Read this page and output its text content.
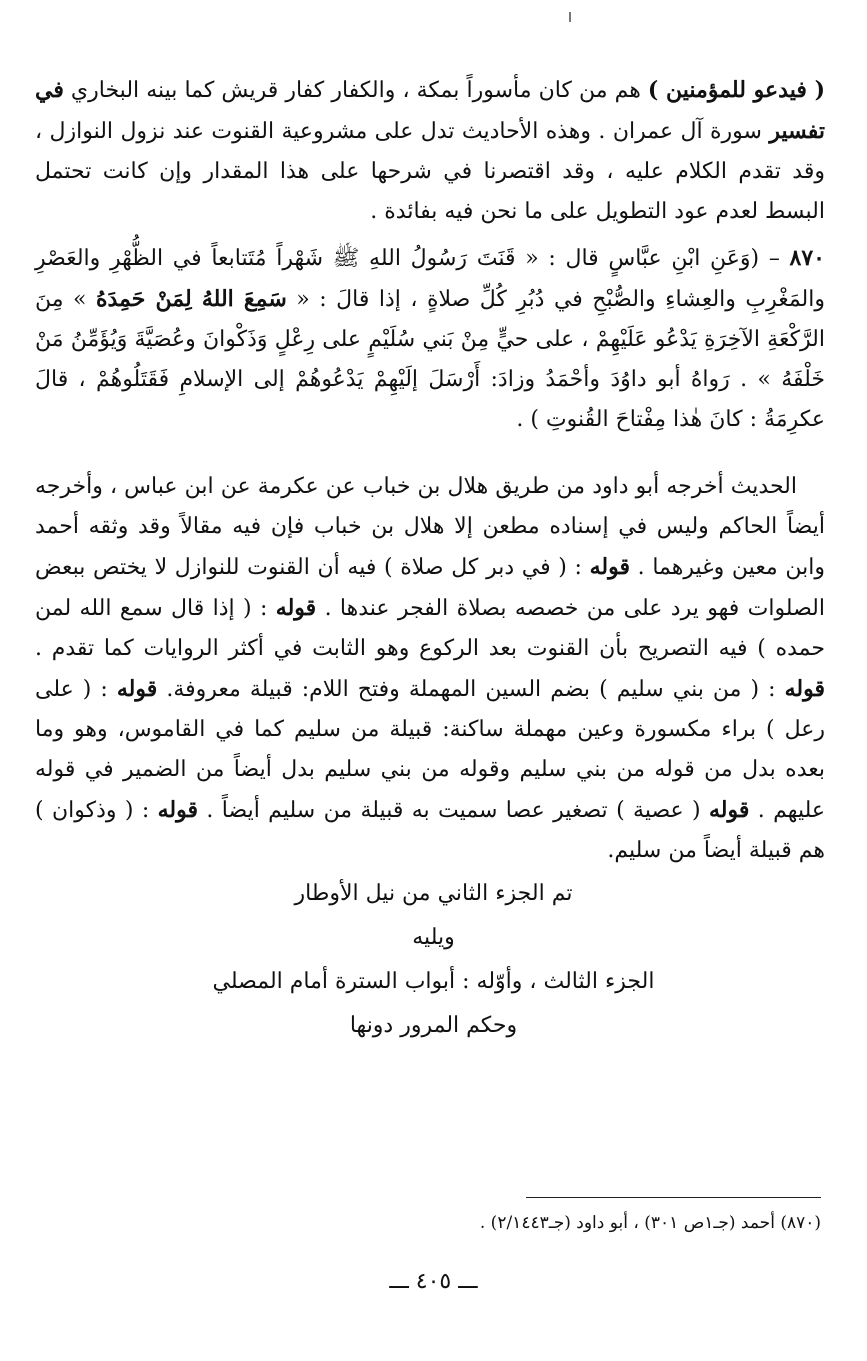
( فيدعو للمؤمنين ) هم من كان مأسوراً بمكة ، والكفار كفار قريش كما بينه البخاري في تفسير سورة آل عمران . وهذه الأحاديث تدل على مشروعية القنوت عند نزول النوازل ، وقد تقدم الكلام عليه ، وقد اقتصرنا في شرحها على هذا المقدار وإن كانت تحتمل البسط لعدم عود التطويل على ما نحن فيه بفائدة .

٨٧٠ – (وَعَنِ ابْنِ عبَّاسٍ قال : « قَنَتَ رَسُولُ اللهِ ﷺ شَهْراً مُتَتابعاً في الظُّهْرِ والعَصْرِ والمَغْرِبِ والعِشاءِ والصُّبْحِ في دُبُرِ كُلِّ صلاةٍ ، إذا قالَ : « سَمِعَ اللهُ لِمَنْ حَمِدَهُ » مِنَ الرَّكْعَةِ الآخِرَةِ يَدْعُو عَلَيْهِمْ ، على حيٍّ مِنْ بَني سُلَيْمٍ على رِعْلٍ وَذَكْوانَ وعُصَيَّةَ وَيُؤَمِّنُ مَنْ خَلْفَهُ » . رَواهُ أبو داوُدَ وأحْمَدُ وزادَ: أَرْسَلَ إلَيْهِمْ يَدْعُوهُمْ إلى الإسلامِ فَقَتَلُوهُمْ ، قالَ عكرِمَةُ : كانَ هٰذا مِفْتاحَ القُنوتِ ) .

الحديث أخرجه أبو داود من طريق هلال بن خباب عن عكرمة عن ابن عباس ، وأخرجه أيضاً الحاكم وليس في إسناده مطعن إلا هلال بن خباب فإن فيه مقالاً وقد وثقه أحمد وابن معين وغيرهما . قوله : ( في دبر كل صلاة ) فيه أن القنوت للنوازل لا يختص ببعض الصلوات فهو يرد على من خصصه بصلاة الفجر عندها . قوله : ( إذا قال سمع الله لمن حمده ) فيه التصريح بأن القنوت بعد الركوع وهو الثابت في أكثر الروايات كما تقدم . قوله : ( من بني سليم ) بضم السين المهملة وفتح اللام: قبيلة معروفة. قوله : ( على رعل ) براء مكسورة وعين مهملة ساكنة: قبيلة من سليم كما في القاموس، وهو وما بعده بدل من قوله من بني سليم وقوله من بني سليم بدل أيضاً من الضمير في قوله عليهم . قوله ( عصية ) تصغير عصا سميت به قبيلة من سليم أيضاً . قوله : ( وذكوان ) هم قبيلة أيضاً من سليم.

تم الجزء الثاني من نيل الأوطار
ويليه
الجزء الثالث ، وأوّله : أبواب السترة أمام المصلي
وحكم المرور دونها
(٨٧٠) أحمد (جـ١ص ٣٠١) ، أبو داود (جـ٢/١٤٤٣) .
ـــ ٤٠٥ ـــ
